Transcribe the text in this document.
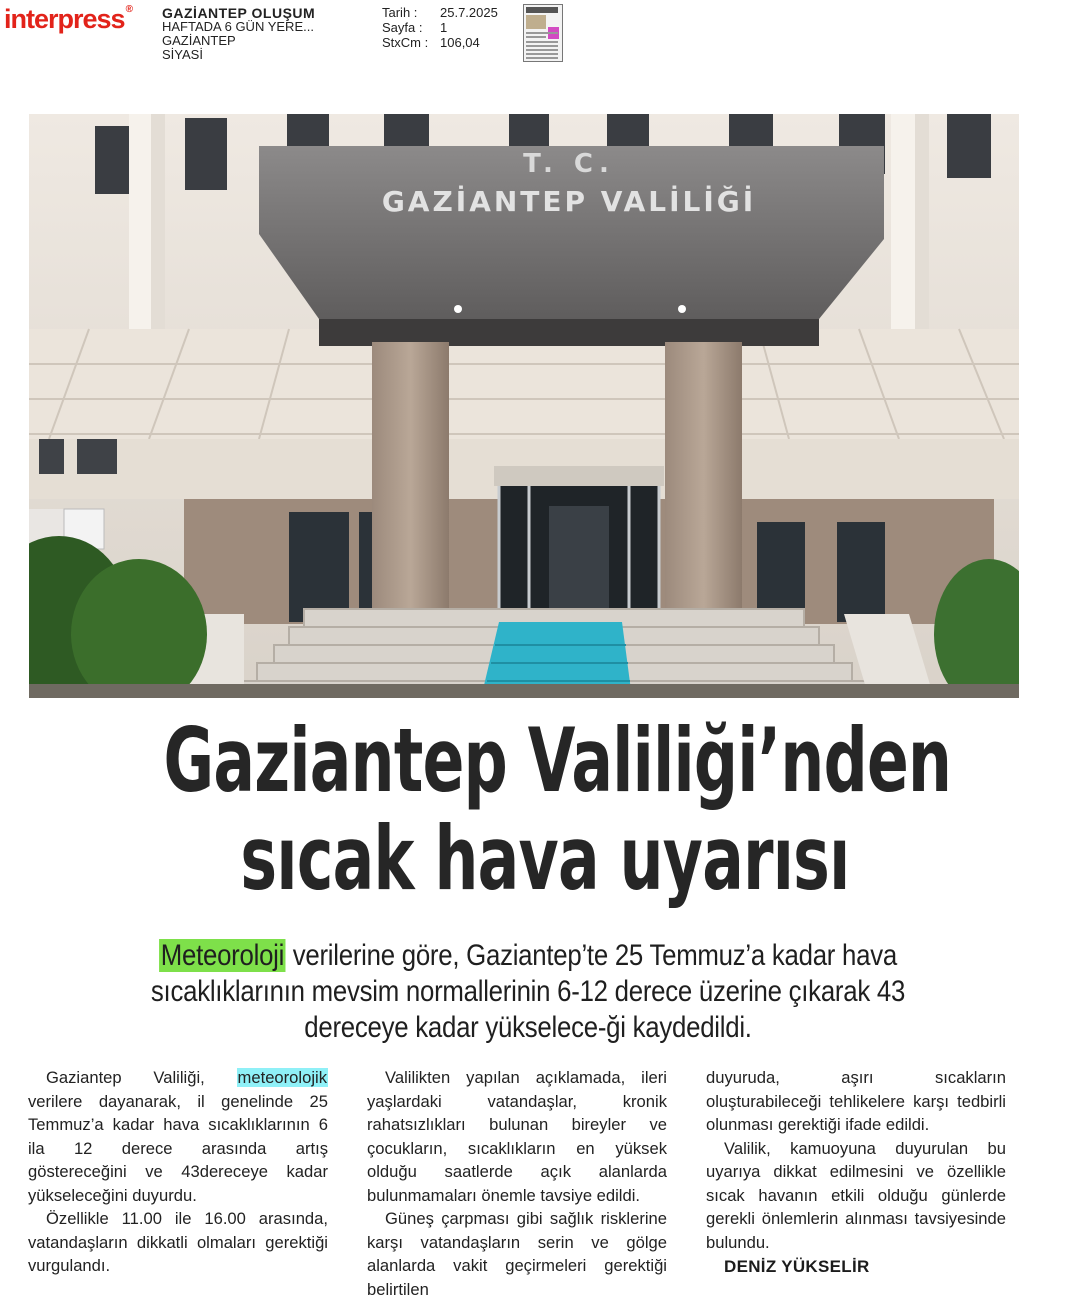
interpress® GAZİANTEP OLUŞUM
HAFTADA 6 GÜN YERE...
GAZİANTEP
SİYASİ
Tarih :	25.7.2025
Sayfa :	1
StxCm : 106,04
T. C.
GAZİANTEP VALİLİĞİ
Gaziantep Valiliği’nden
sıcak hava uyarısı
Meteoroloji verilerine göre, Gaziantep’te 25 Temmuz’a kadar hava sıcaklıklarının mevsim normallerinin 6-12 derece üzerine çıkarak 43 dereceye kadar yükselece-ği kaydedildi.

Gaziantep Valiliği, meteorolojik verilere dayanarak, il genelinde 25 Temmuz’a kadar hava sıcaklıklarının 6 ila 12 derece arasında artış göstereceğini ve 43dereceye kadar yükseleceğini duyurdu.

Özellikle 11.00 ile 16.00 arasında, vatandaşların dikkatli olmaları gerektiği vurgulandı.

Valilikten yapılan açıklamada, ileri yaşlardaki vatandaşlar, kronik rahatsızlıkları bulunan bireyler ve çocukların, sıcaklıkların en yüksek olduğu saatlerde açık alanlarda bulunmamaları önemle tavsiye edildi.

Güneş çarpması gibi sağlık risklerine karşı vatandaşların serin ve gölge alanlarda vakit geçirmeleri gerektiği belirtilen

duyuruda, aşırı sıcakların oluşturabileceği tehlikelere karşı tedbirli olunması gerektiği ifade edildi.

Valilik, kamuoyuna duyurulan bu uyarıya dikkat edilmesini ve özellikle sıcak havanın etkili olduğu günlerde gerekli önlemlerin alınması tavsiyesinde bulundu.

DENİZ YÜKSELİR
